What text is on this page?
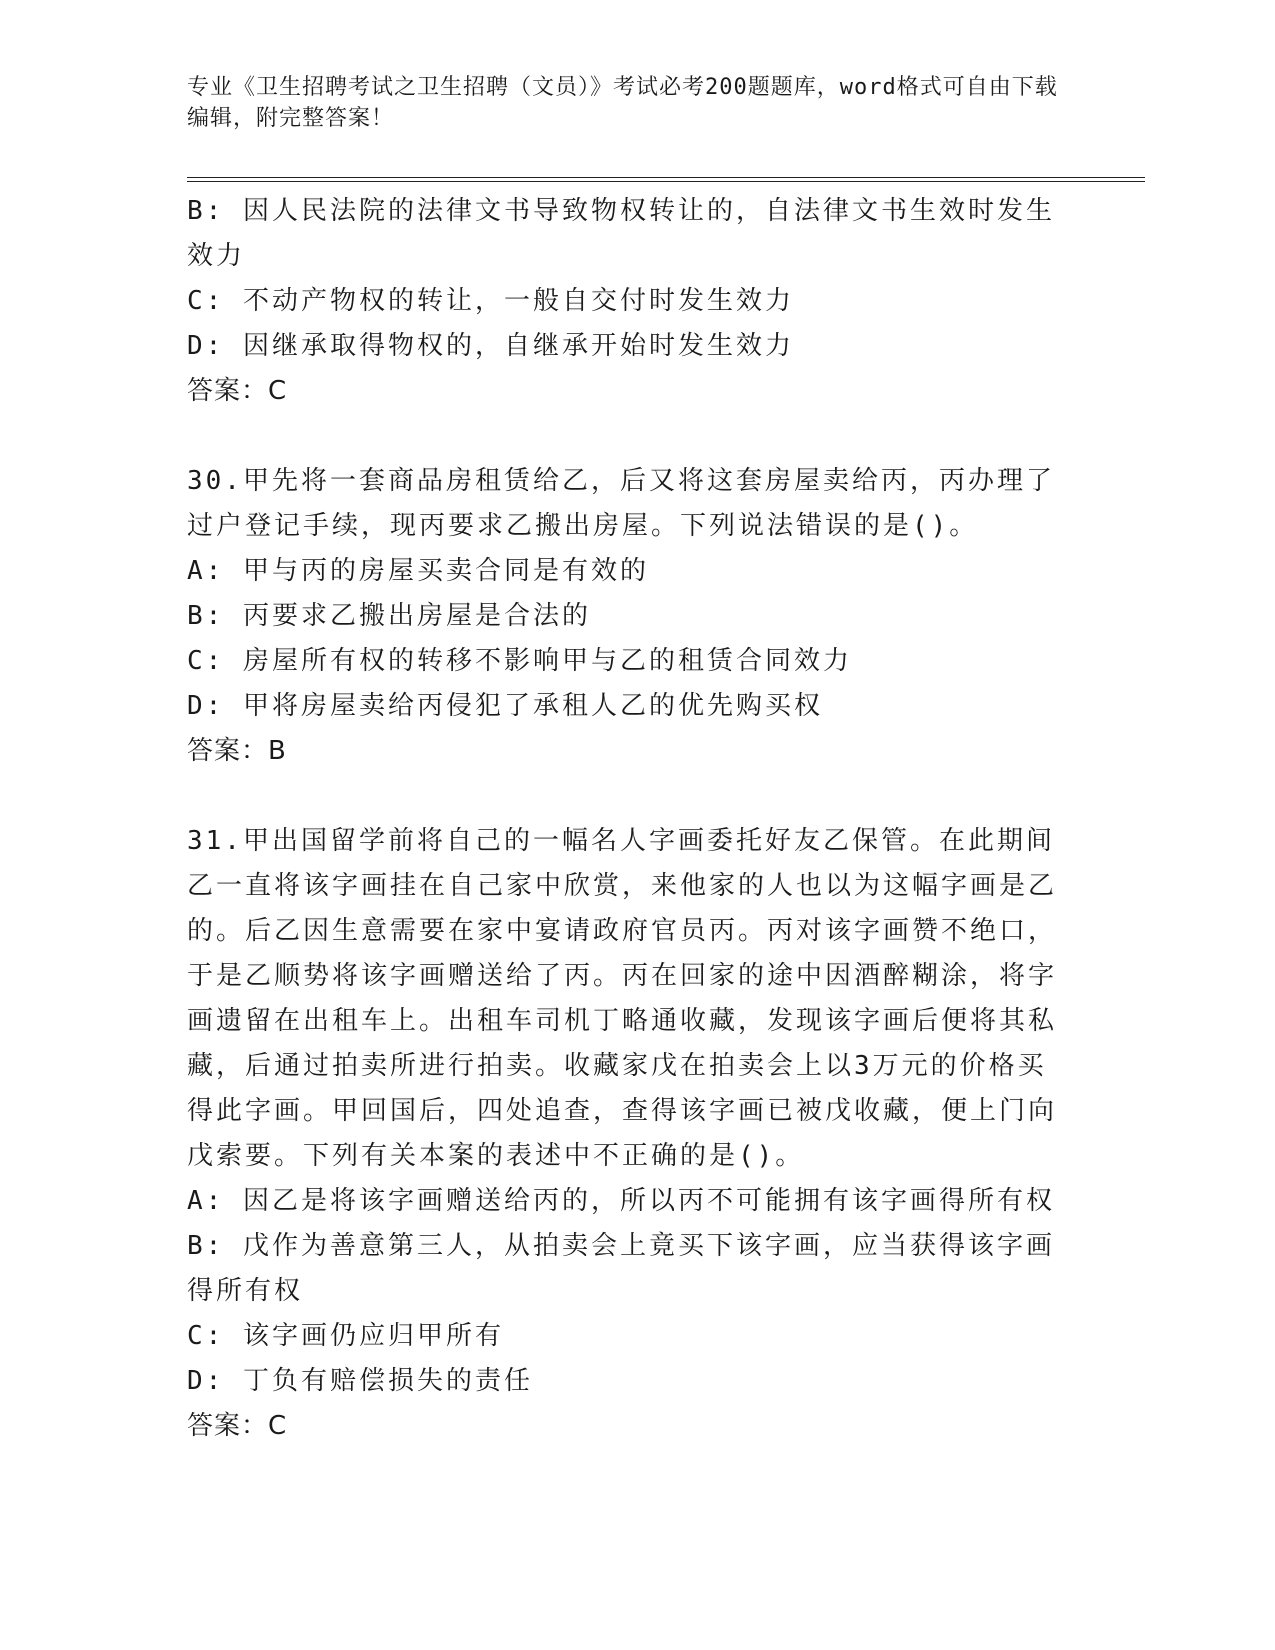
专业《卫生招聘考试之卫生招聘（文员）》考试必考200题题库，word格式可自由下载编辑，附完整答案！
B: 因人民法院的法律文书导致物权转让的，自法律文书生效时发生效力
C: 不动产物权的转让，一般自交付时发生效力
D: 因继承取得物权的，自继承开始时发生效力
答案：C
30.甲先将一套商品房租赁给乙，后又将这套房屋卖给丙，丙办理了过户登记手续，现丙要求乙搬出房屋。下列说法错误的是()。
A: 甲与丙的房屋买卖合同是有效的
B: 丙要求乙搬出房屋是合法的
C: 房屋所有权的转移不影响甲与乙的租赁合同效力
D: 甲将房屋卖给丙侵犯了承租人乙的优先购买权
答案：B
31.甲出国留学前将自己的一幅名人字画委托好友乙保管。在此期间乙一直将该字画挂在自己家中欣赏，来他家的人也以为这幅字画是乙的。后乙因生意需要在家中宴请政府官员丙。丙对该字画赞不绝口，于是乙顺势将该字画赠送给了丙。丙在回家的途中因酒醉糊涂，将字画遗留在出租车上。出租车司机丁略通收藏，发现该字画后便将其私藏，后通过拍卖所进行拍卖。收藏家戊在拍卖会上以3万元的价格买得此字画。甲回国后，四处追查，查得该字画已被戊收藏，便上门向戊索要。下列有关本案的表述中不正确的是()。
A: 因乙是将该字画赠送给丙的，所以丙不可能拥有该字画得所有权
B: 戊作为善意第三人，从拍卖会上竟买下该字画，应当获得该字画得所有权
C: 该字画仍应归甲所有
D: 丁负有赔偿损失的责任
答案：C
